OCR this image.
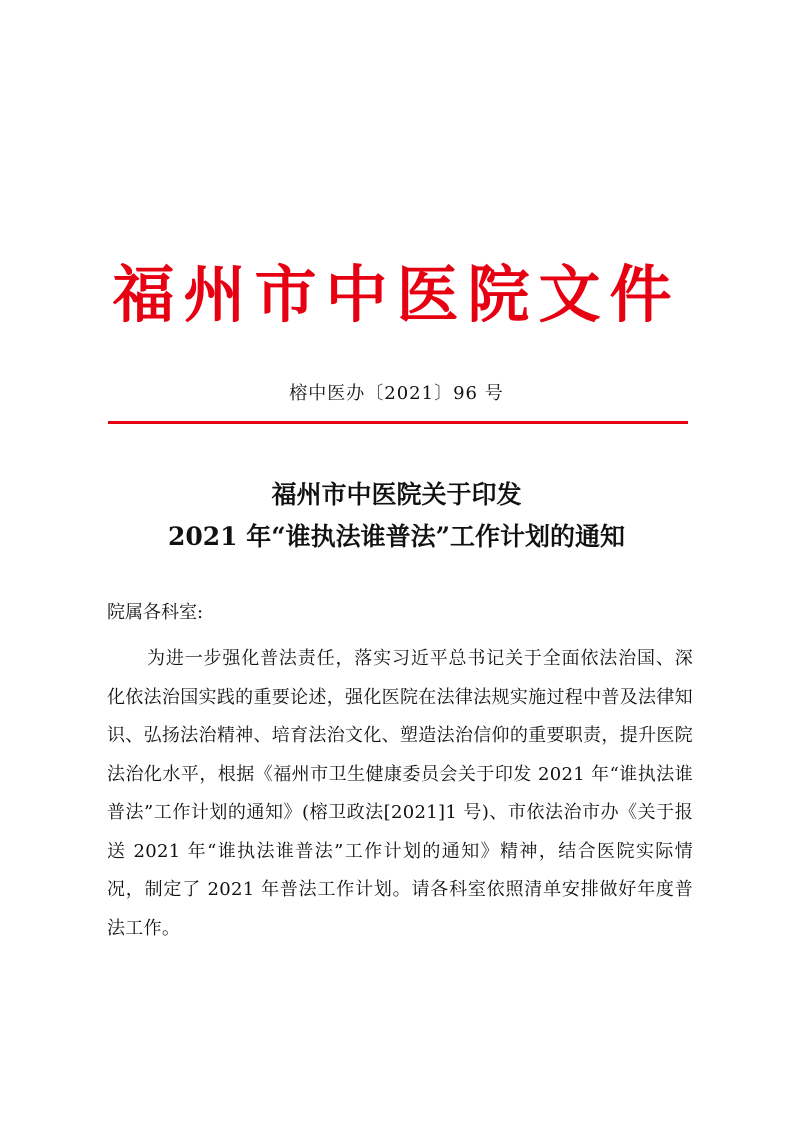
福州市中医院文件
榕中医办〔2021〕96 号
福州市中医院关于印发
2021 年“谁执法谁普法”工作计划的通知
院属各科室:

为进一步强化普法责任，落实习近平总书记关于全面依法治国、深化依法治国实践的重要论述，强化医院在法律法规实施过程中普及法律知识、弘扬法治精神、培育法治文化、塑造法治信仰的重要职责，提升医院法治化水平，根据《福州市卫生健康委员会关于印发 2021 年“谁执法谁普法”工作计划的通知》(榕卫政法[2021]1 号)、市依法治市办《关于报送 2021 年“谁执法谁普法”工作计划的通知》精神，结合医院实际情况，制定了 2021 年普法工作计划。请各科室依照清单安排做好年度普法工作。
